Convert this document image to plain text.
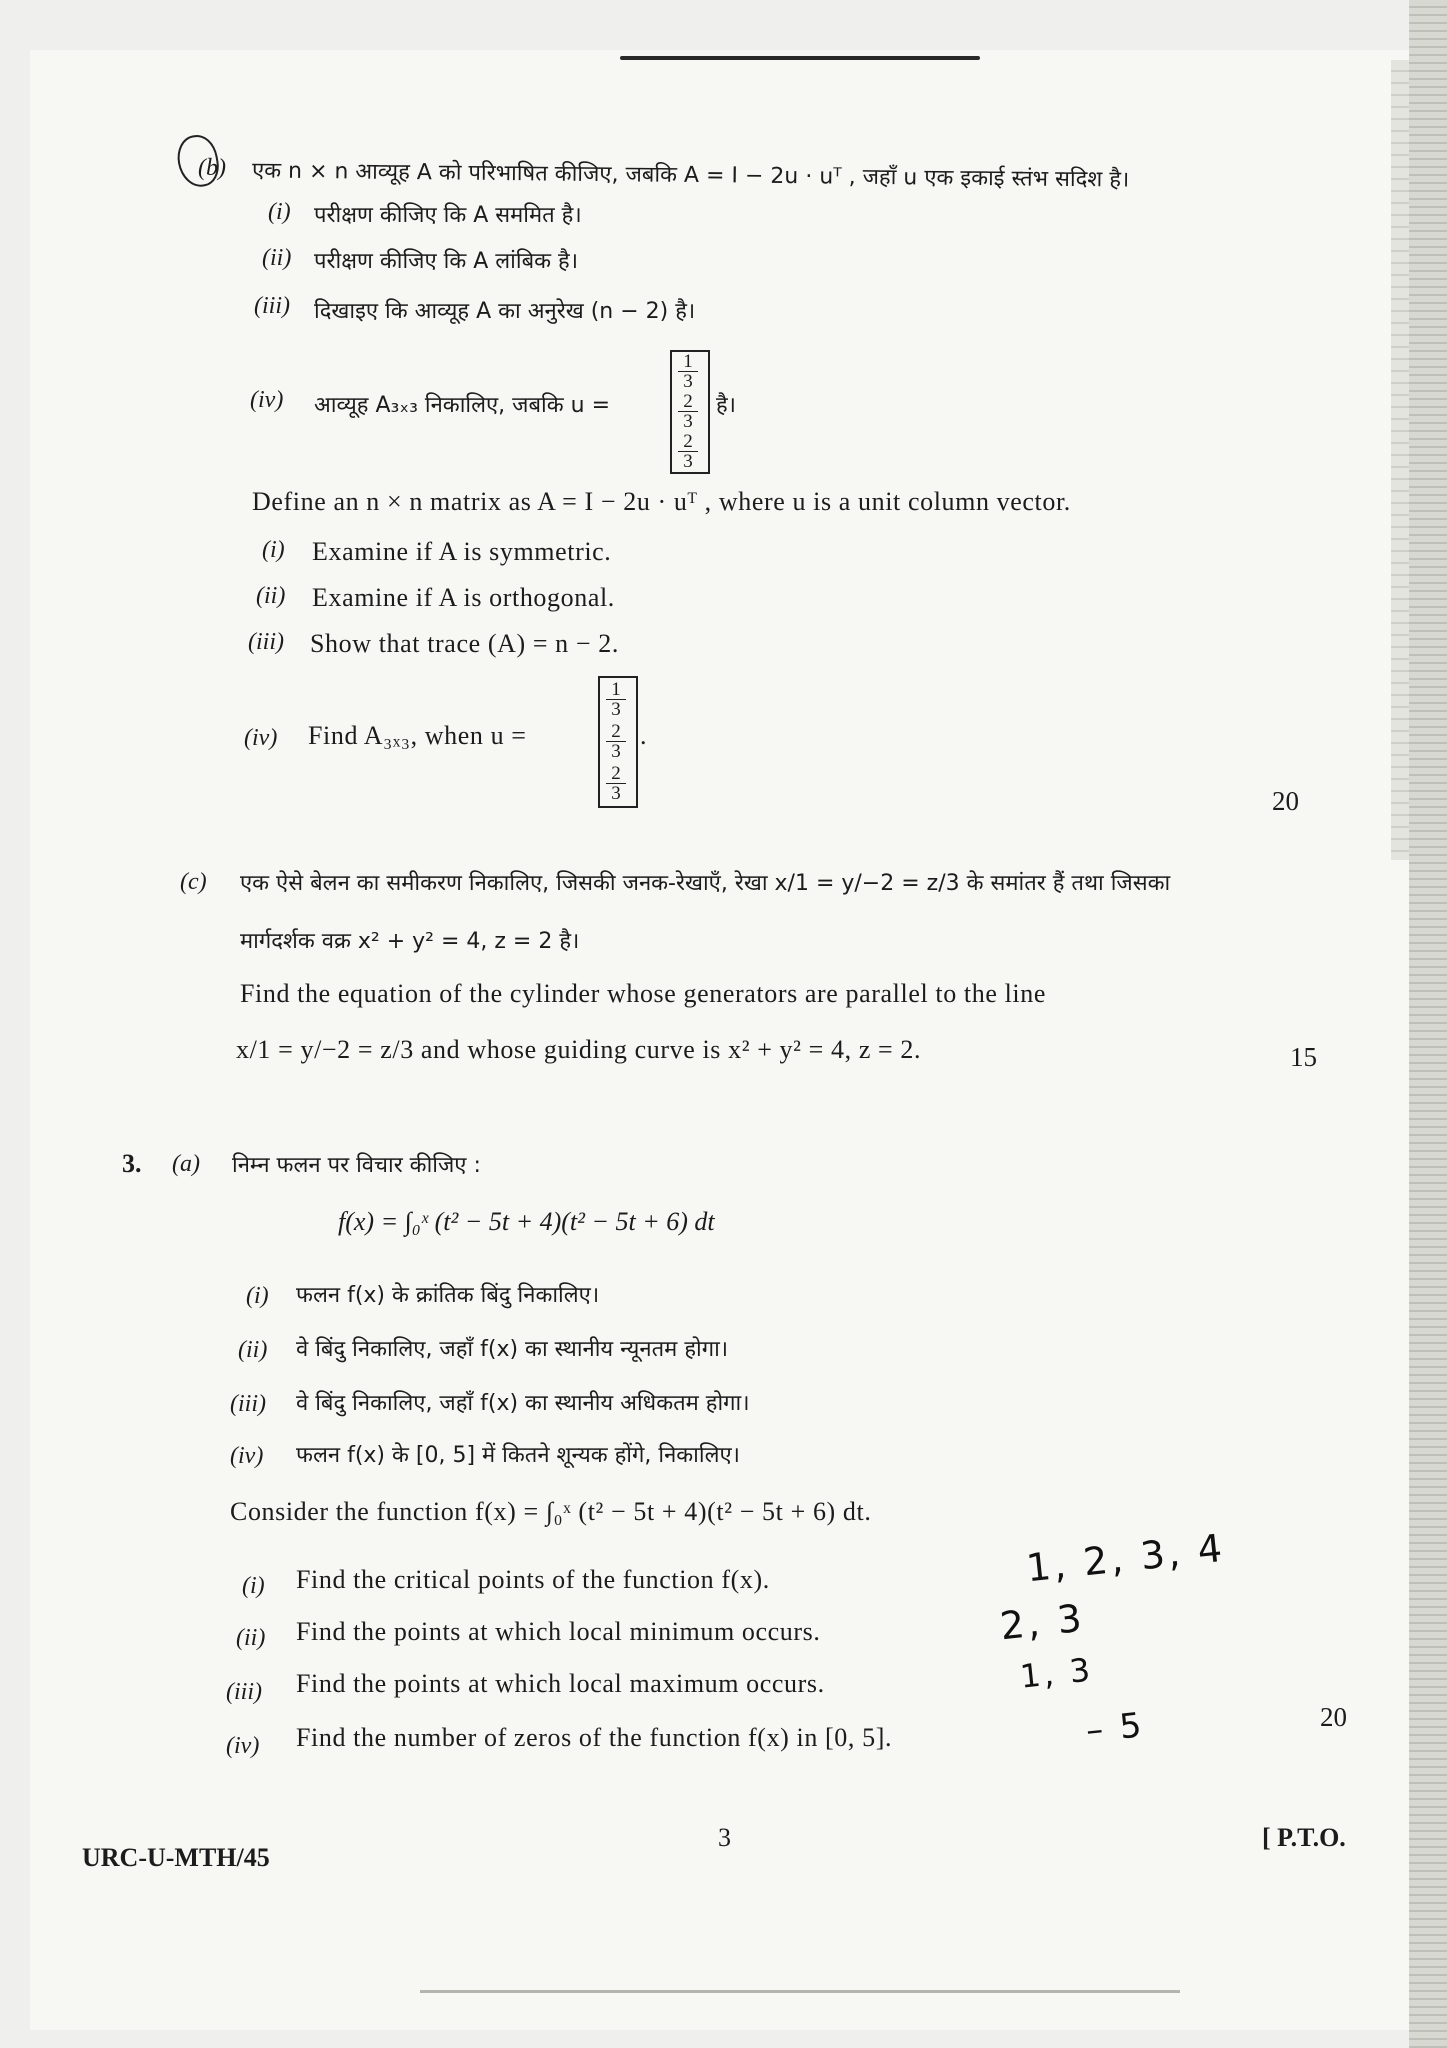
(b) एक n × n आव्यूह A को परिभाषित कीजिए, जबकि A = I − 2u · uᵀ , जहाँ u एक इकाई स्तंभ सदिश है।
(i) परीक्षण कीजिए कि A सममित है।
(ii) परीक्षण कीजिए कि A लांबिक है।
(iii) दिखाइए कि आव्यूह A का अनुरेख (n − 2) है।
(iv) आव्यूह A₃ₓ₃ निकालिए, जबकि u =
$\frac{1}{3}$
$\frac{2}{3}$
$\frac{2}{3}$
है।
Define an n × n matrix as A = I − 2u · uᵀ , where u is a unit column vector.
(i) Examine if A is symmetric.
(ii) Examine if A is orthogonal.
(iii) Show that trace (A) = n − 2.
(iv) Find A₃ₓ₃, when u =
$\frac{1}{3}$
$\frac{2}{3}$
$\frac{2}{3}$
.
20
(c) एक ऐसे बेलन का समीकरण निकालिए, जिसकी जनक-रेखाएँ, रेखा x/1 = y/−2 = z/3 के समांतर हैं तथा जिसका
मार्गदर्शक वक्र x² + y² = 4, z = 2 है।
Find the equation of the cylinder whose generators are parallel to the line
x/1 = y/−2 = z/3 and whose guiding curve is x² + y² = 4, z = 2.	15
3. (a) निम्न फलन पर विचार कीजिए :
f(x) = ∫₀ˣ (t² − 5t + 4)(t² − 5t + 6) dt
(i) फलन f(x) के क्रांतिक बिंदु निकालिए।
(ii) वे बिंदु निकालिए, जहाँ f(x) का स्थानीय न्यूनतम होगा।
(iii) वे बिंदु निकालिए, जहाँ f(x) का स्थानीय अधिकतम होगा।
(iv) फलन f(x) के [0, 5] में कितने शून्यक होंगे, निकालिए।
Consider the function f(x) = ∫₀ˣ (t² − 5t + 4)(t² − 5t + 6) dt.
(i) Find the critical points of the function f(x).
(ii) Find the points at which local minimum occurs.
(iii) Find the points at which local maximum occurs.
(iv) Find the number of zeros of the function f(x) in [0, 5].
1, 2, 3, 4
2, 3
1, 3
– 5	20
URC-U-MTH/45
3	[ P.T.O.
